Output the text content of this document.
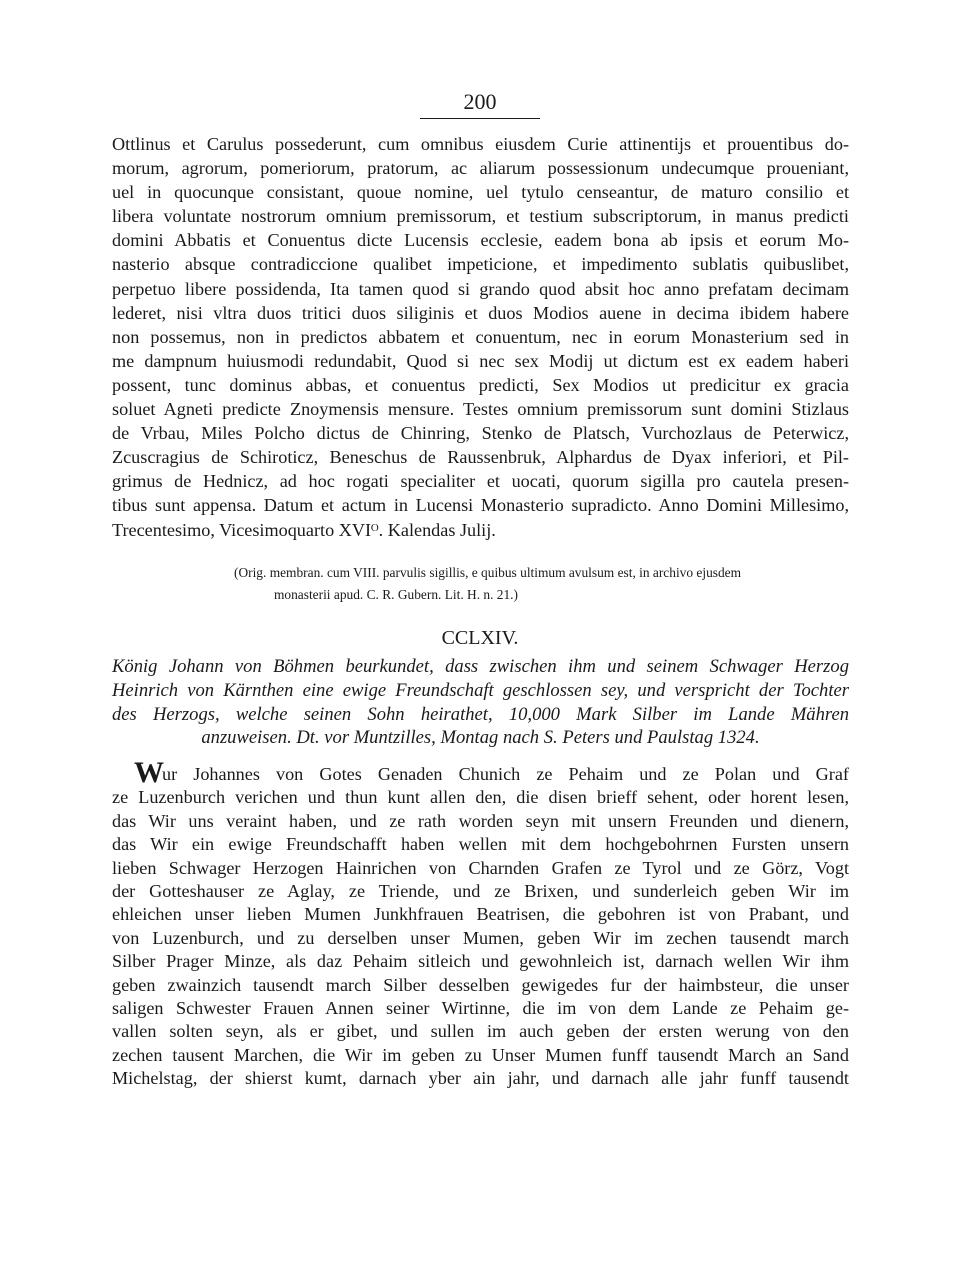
200
Ottlinus et Carulus possederunt, cum omnibus eiusdem Curie attinentijs et prouentibus do-
morum, agrorum, pomeriorum, pratorum, ac aliarum possessionum undecumque proueniant,
uel in quocunque consistant, quoue nomine, uel tytulo censeantur, de maturo consilio et
libera voluntate nostrorum omnium premissorum, et testium subscriptorum, in manus predicti
domini Abbatis et Conuentus dicte Lucensis ecclesie, eadem bona ab ipsis et eorum Mo-
nasterio absque contradiccione qualibet impeticione, et impedimento sublatis quibuslibet,
perpetuo libere possidenda, Ita tamen quod si grando quod absit hoc anno prefatam decimam
lederet, nisi vltra duos tritici duos siliginis et duos Modios auene in decima ibidem habere
non possemus, non in predictos abbatem et conuentum, nec in eorum Monasterium sed in
me dampnum huiusmodi redundabit, Quod si nec sex Modij ut dictum est ex eadem haberi
possent, tunc dominus abbas, et conuentus predicti, Sex Modios ut predicitur ex gracia
soluet Agneti predicte Znoymensis mensure. Testes omnium premissorum sunt domini Stizlaus
de Vrbau, Miles Polcho dictus de Chinring, Stenko de Platsch, Vurchozlaus de Peterwicz,
Zcuscragius de Schiroticz, Beneschus de Raussenbruk, Alphardus de Dyax inferiori, et Pil-
grimus de Hednicz, ad hoc rogati specialiter et uocati, quorum sigilla pro cautela presen-
tibus sunt appensa. Datum et actum in Lucensi Monasterio supradicto. Anno Domini Millesimo,
Trecentesimo, Vicesimoquarto XVIᴼ. Kalendas Julij.
(Orig. membran. cum VIII. parvulis sigillis, e quibus ultimum avulsum est, in archivo ejusdem
monasterii apud. C. R. Gubern. Lit. H. n. 21.)
CCLXIV.
König Johann von Böhmen beurkundet, dass zwischen ihm und seinem Schwager Herzog
Heinrich von Kärnthen eine ewige Freundschaft geschlossen sey, und verspricht der Tochter
des Herzogs, welche seinen Sohn heirathet, 10,000 Mark Silber im Lande Mähren
anzuweisen. Dt. vor Muntzilles, Montag nach S. Peters und Paulstag 1324.
Wur Johannes von Gotes Genaden Chunich ze Pehaim und ze Polan und Graf
ze Luzenburch verichen und thun kunt allen den, die disen brieff sehent, oder horent lesen,
das Wir uns veraint haben, und ze rath worden seyn mit unsern Freunden und dienern,
das Wir ein ewige Freundschafft haben wellen mit dem hochgebohrnen Fursten unsern
lieben Schwager Herzogen Hainrichen von Charnden Grafen ze Tyrol und ze Görz, Vogt
der Gotteshauser ze Aglay, ze Triende, und ze Brixen, und sunderleich geben Wir im
ehleichen unser lieben Mumen Junkhfrauen Beatrisen, die gebohren ist von Prabant, und
von Luzenburch, und zu derselben unser Mumen, geben Wir im zechen tausendt march
Silber Prager Minze, als daz Pehaim sitleich und gewohnleich ist, darnach wellen Wir ihm
geben zwainzich tausendt march Silber desselben gewigedes fur der haimbsteur, die unser
saligen Schwester Frauen Annen seiner Wirtinne, die im von dem Lande ze Pehaim ge-
vallen solten seyn, als er gibet, und sullen im auch geben der ersten werung von den
zechen tausent Marchen, die Wir im geben zu Unser Mumen funff tausendt March an Sand
Michelstag, der shierst kumt, darnach yber ain jahr, und darnach alle jahr funff tausendt
